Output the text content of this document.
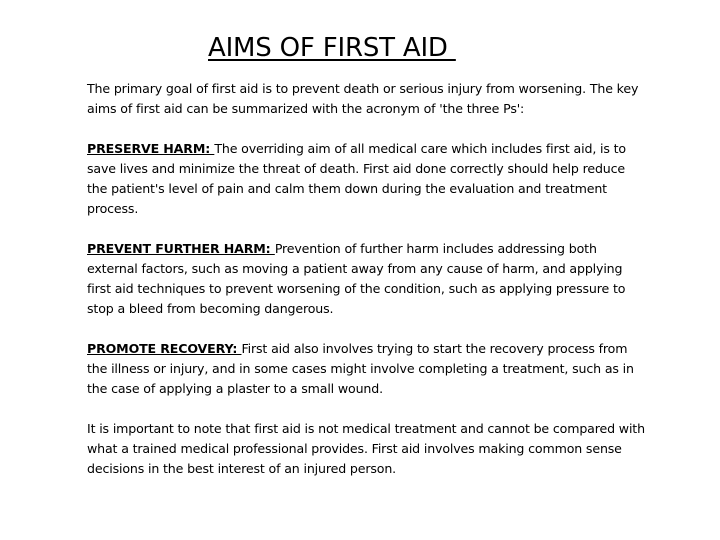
AIMS OF FIRST AID

The primary goal of first aid is to prevent death or serious injury from worsening. The key aims of first aid can be summarized with the acronym of 'the three Ps':

PRESERVE HARM: The overriding aim of all medical care which includes first aid, is to save lives and minimize the threat of death. First aid done correctly should help reduce the patient's level of pain and calm them down during the evaluation and treatment process.

PREVENT FURTHER HARM: Prevention of further harm includes addressing both external factors, such as moving a patient away from any cause of harm, and applying first aid techniques to prevent worsening of the condition, such as applying pressure to stop a bleed from becoming dangerous.

PROMOTE RECOVERY: First aid also involves trying to start the recovery process from the illness or injury, and in some cases might involve completing a treatment, such as in the case of applying a plaster to a small wound.

It is important to note that first aid is not medical treatment and cannot be compared with what a trained medical professional provides. First aid involves making common sense decisions in the best interest of an injured person.
